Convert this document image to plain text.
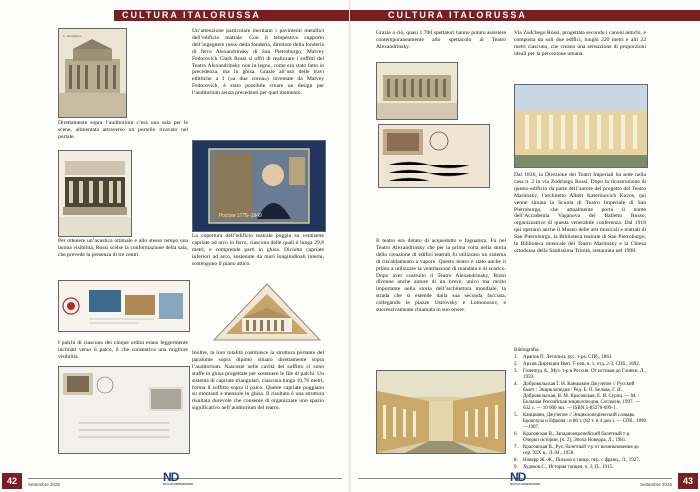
CULTURA ITALORUSSA
С.-Петербургъ
Direttamente sopra l’auditorium c’era una sala per le scene, alimentata attraverso un portello ricavato nel portale.
Per ottenere un’acustica ottimale e allo stesso tempo una buona visibilità, Rossi scelse la conformazione della sala, che prevede la presenza di tre centri.
I palchi di ciascuno dei cinque ordini erano leggermente inclinati verso il palco, il che consentiva una migliore visibilità.
Un’attenzione particolare meritano i pavimenti metallici dell’edificio teatrale. Con il tempestivo supporto dell’ingegnere russo della fonderia, direttore della fonderia di ferro Alexandrinsky di San Pietroburgo, Matvey Fedorovich Clark Rossi si offrì di realizzare i soffitti del Teatro Alexandrinsky non in legno, come era stato fatto in precedenza, ma in ghisa. Grazie all’uso delle travi ellittiche a I («a due corna») inventate da Matvey Fedorovich, è stato possibile creare un design per l’auditorium senza precedenti per quel momento.
Россия 1775–1849
La copertura dell’edificio teatrale poggia su ventisette capriate ad arco in ferro, ciascuna delle quali è lunga 29,8 metri, e comprende parti in ghisa. Diciotto capriate inferiori ad arco, sostenute da muri longitudinali interni, sostengono il piano attico.
Inoltre, la loro totalità costituisce la struttura portante del paralume sopra dipinto situato direttamente sopra l’auditorium. Nascoste nelle cavità del soffitto ci sono staffe in ghisa progettate per sostenere le file di palchi. Un sistema di capriate triangolari, ciascuna lunga 10,76 metri, forma il soffitto sopra il palco. Queste capriate poggiano su montanti e mensole in ghisa. Il risultato è una struttura risultata durevole che consente di organizzare uno spazio significativo nell’auditorium del teatro.
42	Settembre 2025
ND
NUOVA DIMENSIONE
CULTURA ITALORUSSA
Grazie a ciò, quasi 1.700 spettatori hanno potuto assistere contemporaneamente allo spettacolo al Teatro Alexandrinsky.
Il teatro era dotato di acquedotto e fognatura. Fu nel Teatro Alexandrinsky che per la prima volta nella storia della creazione di edifici teatrali fu utilizzato un sistema di riscaldamento a vapore. Questo teatro è stato anche il primo a utilizzare la ventilazione di mandata e di scarico. Dopo aver costruito il Teatro Alexandrinsky, Rossi divenne anche autore di un breve, unico ma molto importante nella storia dell’architettura mondiale, la strada che si estende dalla sua seconda facciata, collegando le piazze Ostrovsky e Lomonosov, e successivamente chiamata in suo onore.
Via Zodchego Rossi, progettata secondo i canoni antichi, è composta da soli due edifici, lunghi 220 metri e alti 22 metri ciascuno, che creano una sensazione di proporzioni ideali per la percezione umana.
Dal 1836, la Direzione dei Teatri Imperiali ha sede nella casa n. 2 in via Zodchego Rossi. Dopo la ricostruzione di questo edificio da parte dell’autore del progetto del Teatro Mariinsky, l’architetto Albert Katerinovich Kavos, qui venne situata la Scuola di Teatro Imperiale di San Pietroburgo, che attualmente porta il nome dell’Accademia Vaganova del Balletto Russo, organizzatrice di questa venerabile conferenza. Dal 1918 qui operano anche il Museo delle arti musicali e teatrali di San Pietroburgo, la Biblioteca teatrale di San Pietroburgo, la Biblioteca musicale del Teatro Mariinsky e la Chiesa ortodossa della Santissima Trinità, restaurata nel 1998.
Bibliografia:
1. Арапов П. Летопись рус. т-ра. СПб., 1861.
2. Архив Дирекции Имп. Т-ров, в. 1, отд. 2-3, СПб., 1892.
3. Гозенпуд А., Муз. т-р в России. От истоков до Глинки, Л., 1959.
4. Добровольская Г. Н. Канцыкин Джузеппе // Русский балет : Энциклопедия / Ред. Е. П. Белова, Г. Н. Добровольская, В. М. Красовская, Е. Я. Суриц. — М. : Большая Российская энциклопедия, Согласие, 1997. — 632 с. — 10 000 экз. — ISBN 5-85270-099-1.
5. Канциани, Джузеппе // Энциклопедический словарь Брокгауза и Ефрона : в 86 т. (82 т. и 4 доп.). — СПб., 1890—1907.
6. Красовская В., Западноевропейский балетный т-р. Очерки истории, [ч. 2], Эпоха Новерра, Л., 1981.
7. Красовская В., Рус. балетный т-р от возникновения до сер. XIX в., Л.-М., 1958.
8. Новерр Ж.-Ж., Письма о танце, пер. с франц., Л., 1927.
9. Худеков С., История танцев, ч. 3, П., 1915.
ND
NUOVA DIMENSIONE	Settembre 2025	43
